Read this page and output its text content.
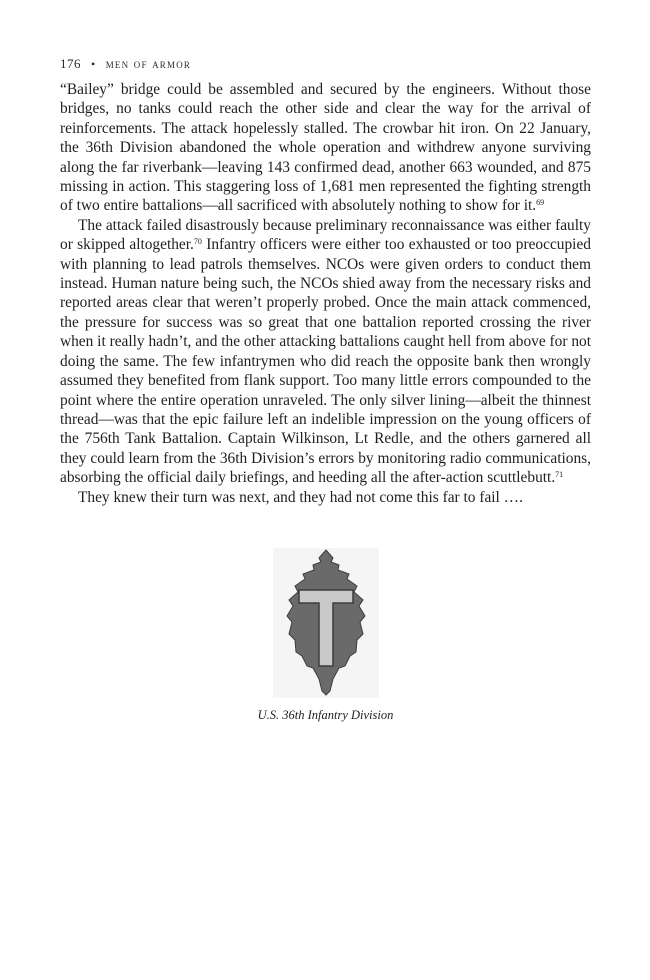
176 • men of armor

“Bailey” bridge could be assembled and secured by the engineers. Without those bridges, no tanks could reach the other side and clear the way for the arrival of reinforcements. The attack hopelessly stalled. The crowbar hit iron. On 22 January, the 36th Division abandoned the whole operation and withdrew anyone surviving along the far riverbank—leaving 143 confirmed dead, another 663 wounded, and 875 missing in action. This staggering loss of 1,681 men represented the fighting strength of two entire battalions—all sacrificed with absolutely nothing to show for it.$^{69}$

The attack failed disastrously because preliminary reconnaissance was either faulty or skipped altogether.$^{70}$ Infantry officers were either too exhausted or too preoccupied with planning to lead patrols themselves. NCOs were given orders to conduct them instead. Human nature being such, the NCOs shied away from the necessary risks and reported areas clear that weren’t properly probed. Once the main attack commenced, the pressure for success was so great that one battalion reported crossing the river when it really hadn’t, and the other attacking battalions caught hell from above for not doing the same. The few infantrymen who did reach the opposite bank then wrongly assumed they benefited from flank support. Too many little errors compounded to the point where the entire operation unraveled. The only silver lining—albeit the thinnest thread—was that the epic failure left an indelible impression on the young officers of the 756th Tank Battalion. Captain Wilkinson, Lt Redle, and the others garnered all they could learn from the 36th Division’s errors by monitoring radio communications, absorbing the official daily briefings, and heeding all the after-action scuttlebutt.$^{71}$

They knew their turn was next, and they had not come this far to fail ….

U.S. 36th Infantry Division
